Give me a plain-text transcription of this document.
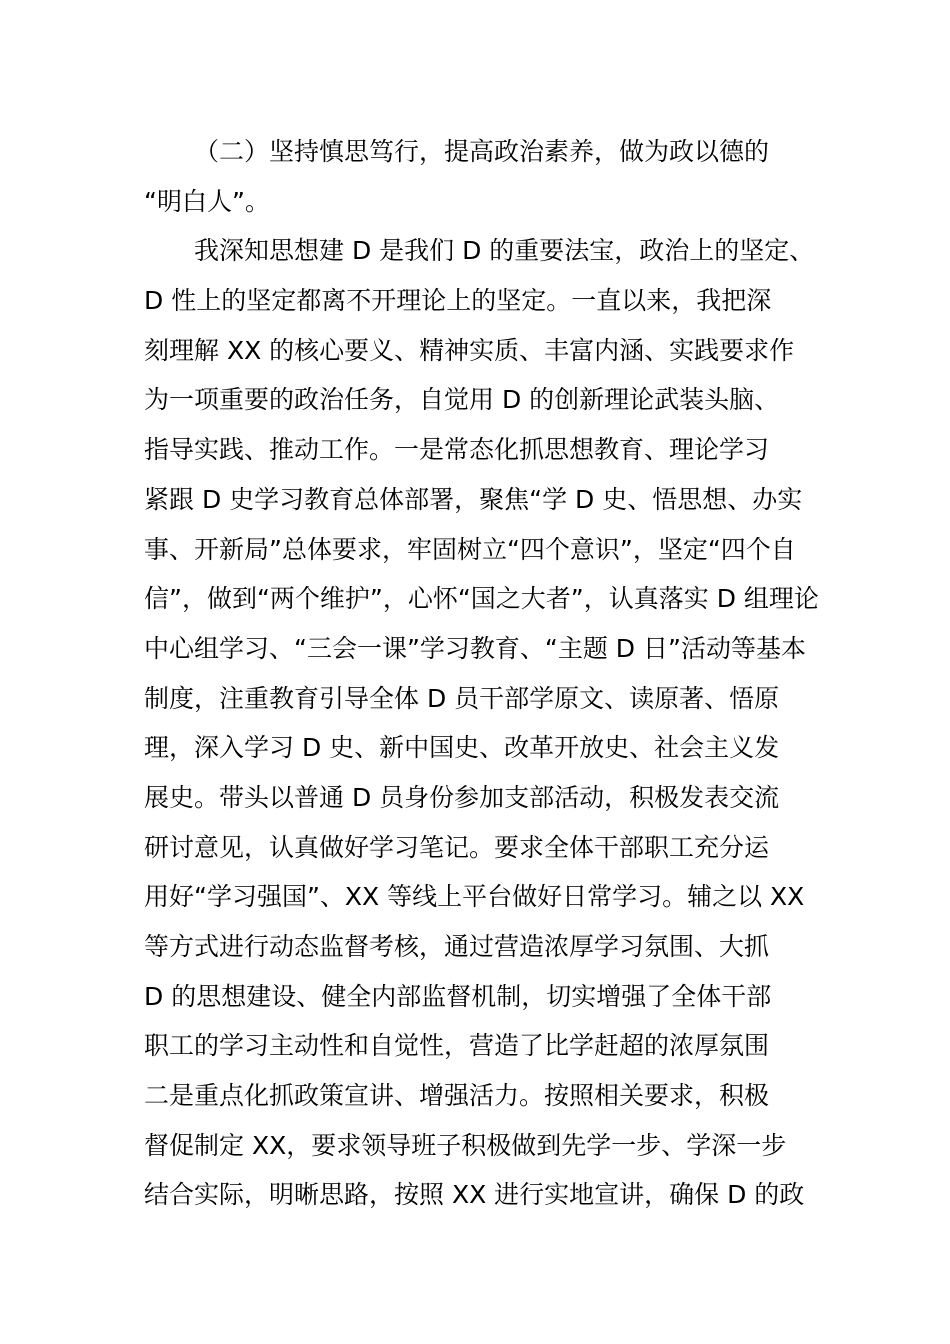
（二）坚持慎思笃行，提高政治素养，做为政以德的
“明白人”。
我深知思想建 D 是我们 D 的重要法宝，政治上的坚定、
D 性上的坚定都离不开理论上的坚定。一直以来，我把深
刻理解 XX 的核心要义、精神实质、丰富内涵、实践要求作
为一项重要的政治任务，自觉用 D 的创新理论武装头脑、
指导实践、推动工作。一是常态化抓思想教育、理论学习
紧跟 D 史学习教育总体部署，聚焦“学 D 史、悟思想、办实
事、开新局”总体要求，牢固树立“四个意识”，坚定“四个自
信”，做到“两个维护”，心怀“国之大者”，认真落实 D 组理论
中心组学习、“三会一课”学习教育、“主题 D 日”活动等基本
制度，注重教育引导全体 D 员干部学原文、读原著、悟原
理，深入学习 D 史、新中国史、改革开放史、社会主义发
展史。带头以普通 D 员身份参加支部活动，积极发表交流
研讨意见，认真做好学习笔记。要求全体干部职工充分运
用好“学习强国”、XX 等线上平台做好日常学习。辅之以 XX
等方式进行动态监督考核，通过营造浓厚学习氛围、大抓
D 的思想建设、健全内部监督机制，切实增强了全体干部
职工的学习主动性和自觉性，营造了比学赶超的浓厚氛围
二是重点化抓政策宣讲、增强活力。按照相关要求，积极
督促制定 XX，要求领导班子积极做到先学一步、学深一步
结合实际，明晰思路，按照 XX 进行实地宣讲，确保 D 的政
